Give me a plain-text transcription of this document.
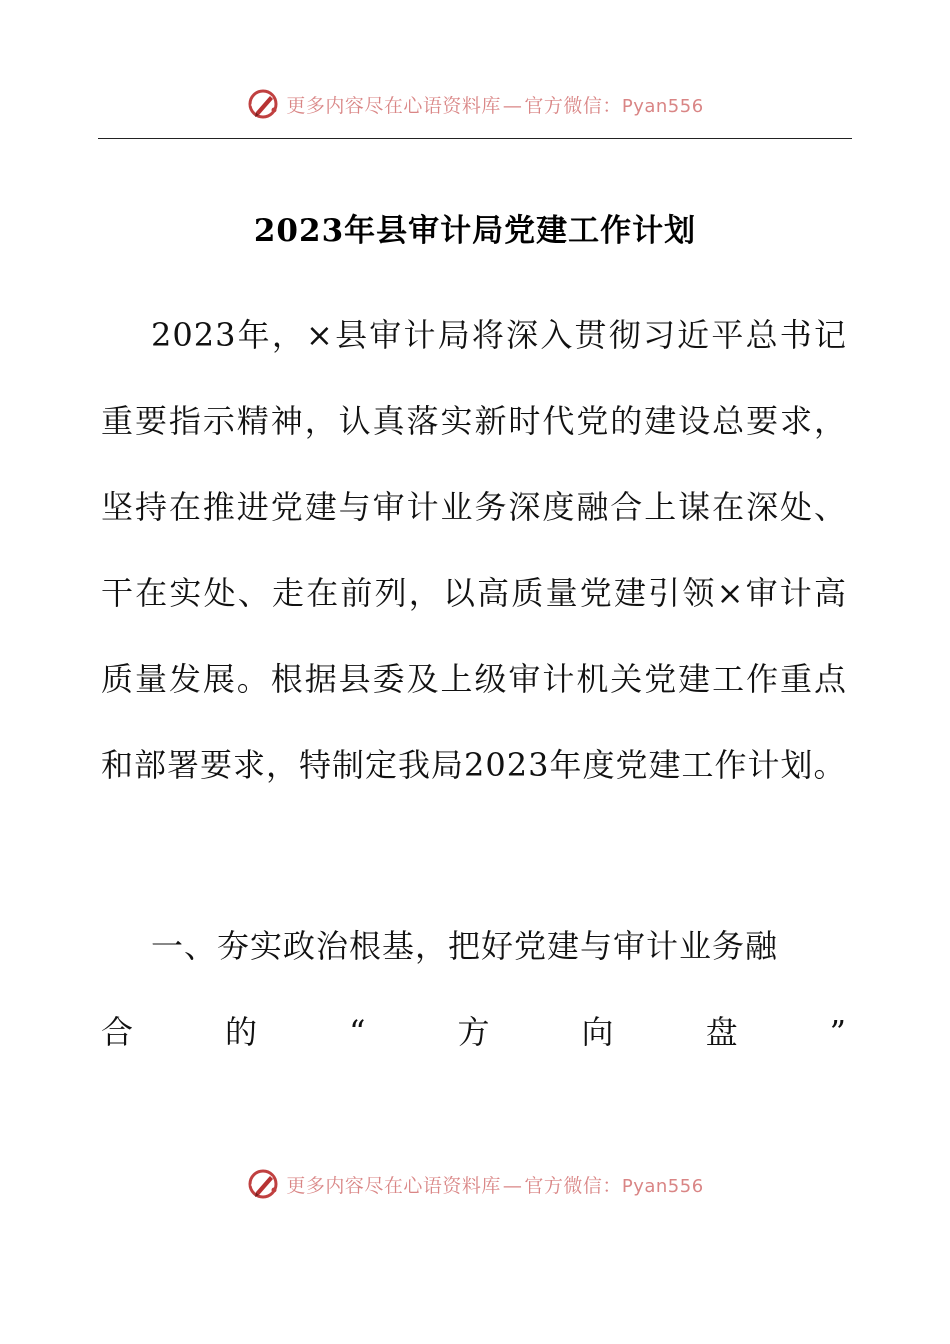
更多内容尽在心语资料库 — 官方微信：Pyan556
2023年县审计局党建工作计划

2023年，×县审计局将深入贯彻习近平总书记重要指示精神，认真落实新时代党的建设总要求，坚持在推进党建与审计业务深度融合上谋在深处、干在实处、走在前列，以高质量党建引领×审计高质量发展。根据县委及上级审计机关党建工作重点和部署要求，特制定我局2023年度党建工作计划。

一、夯实政治根基，把好党建与审计业务融

合	的	“	方	向	盘	”

更多内容尽在心语资料库 — 官方微信：Pyan556
